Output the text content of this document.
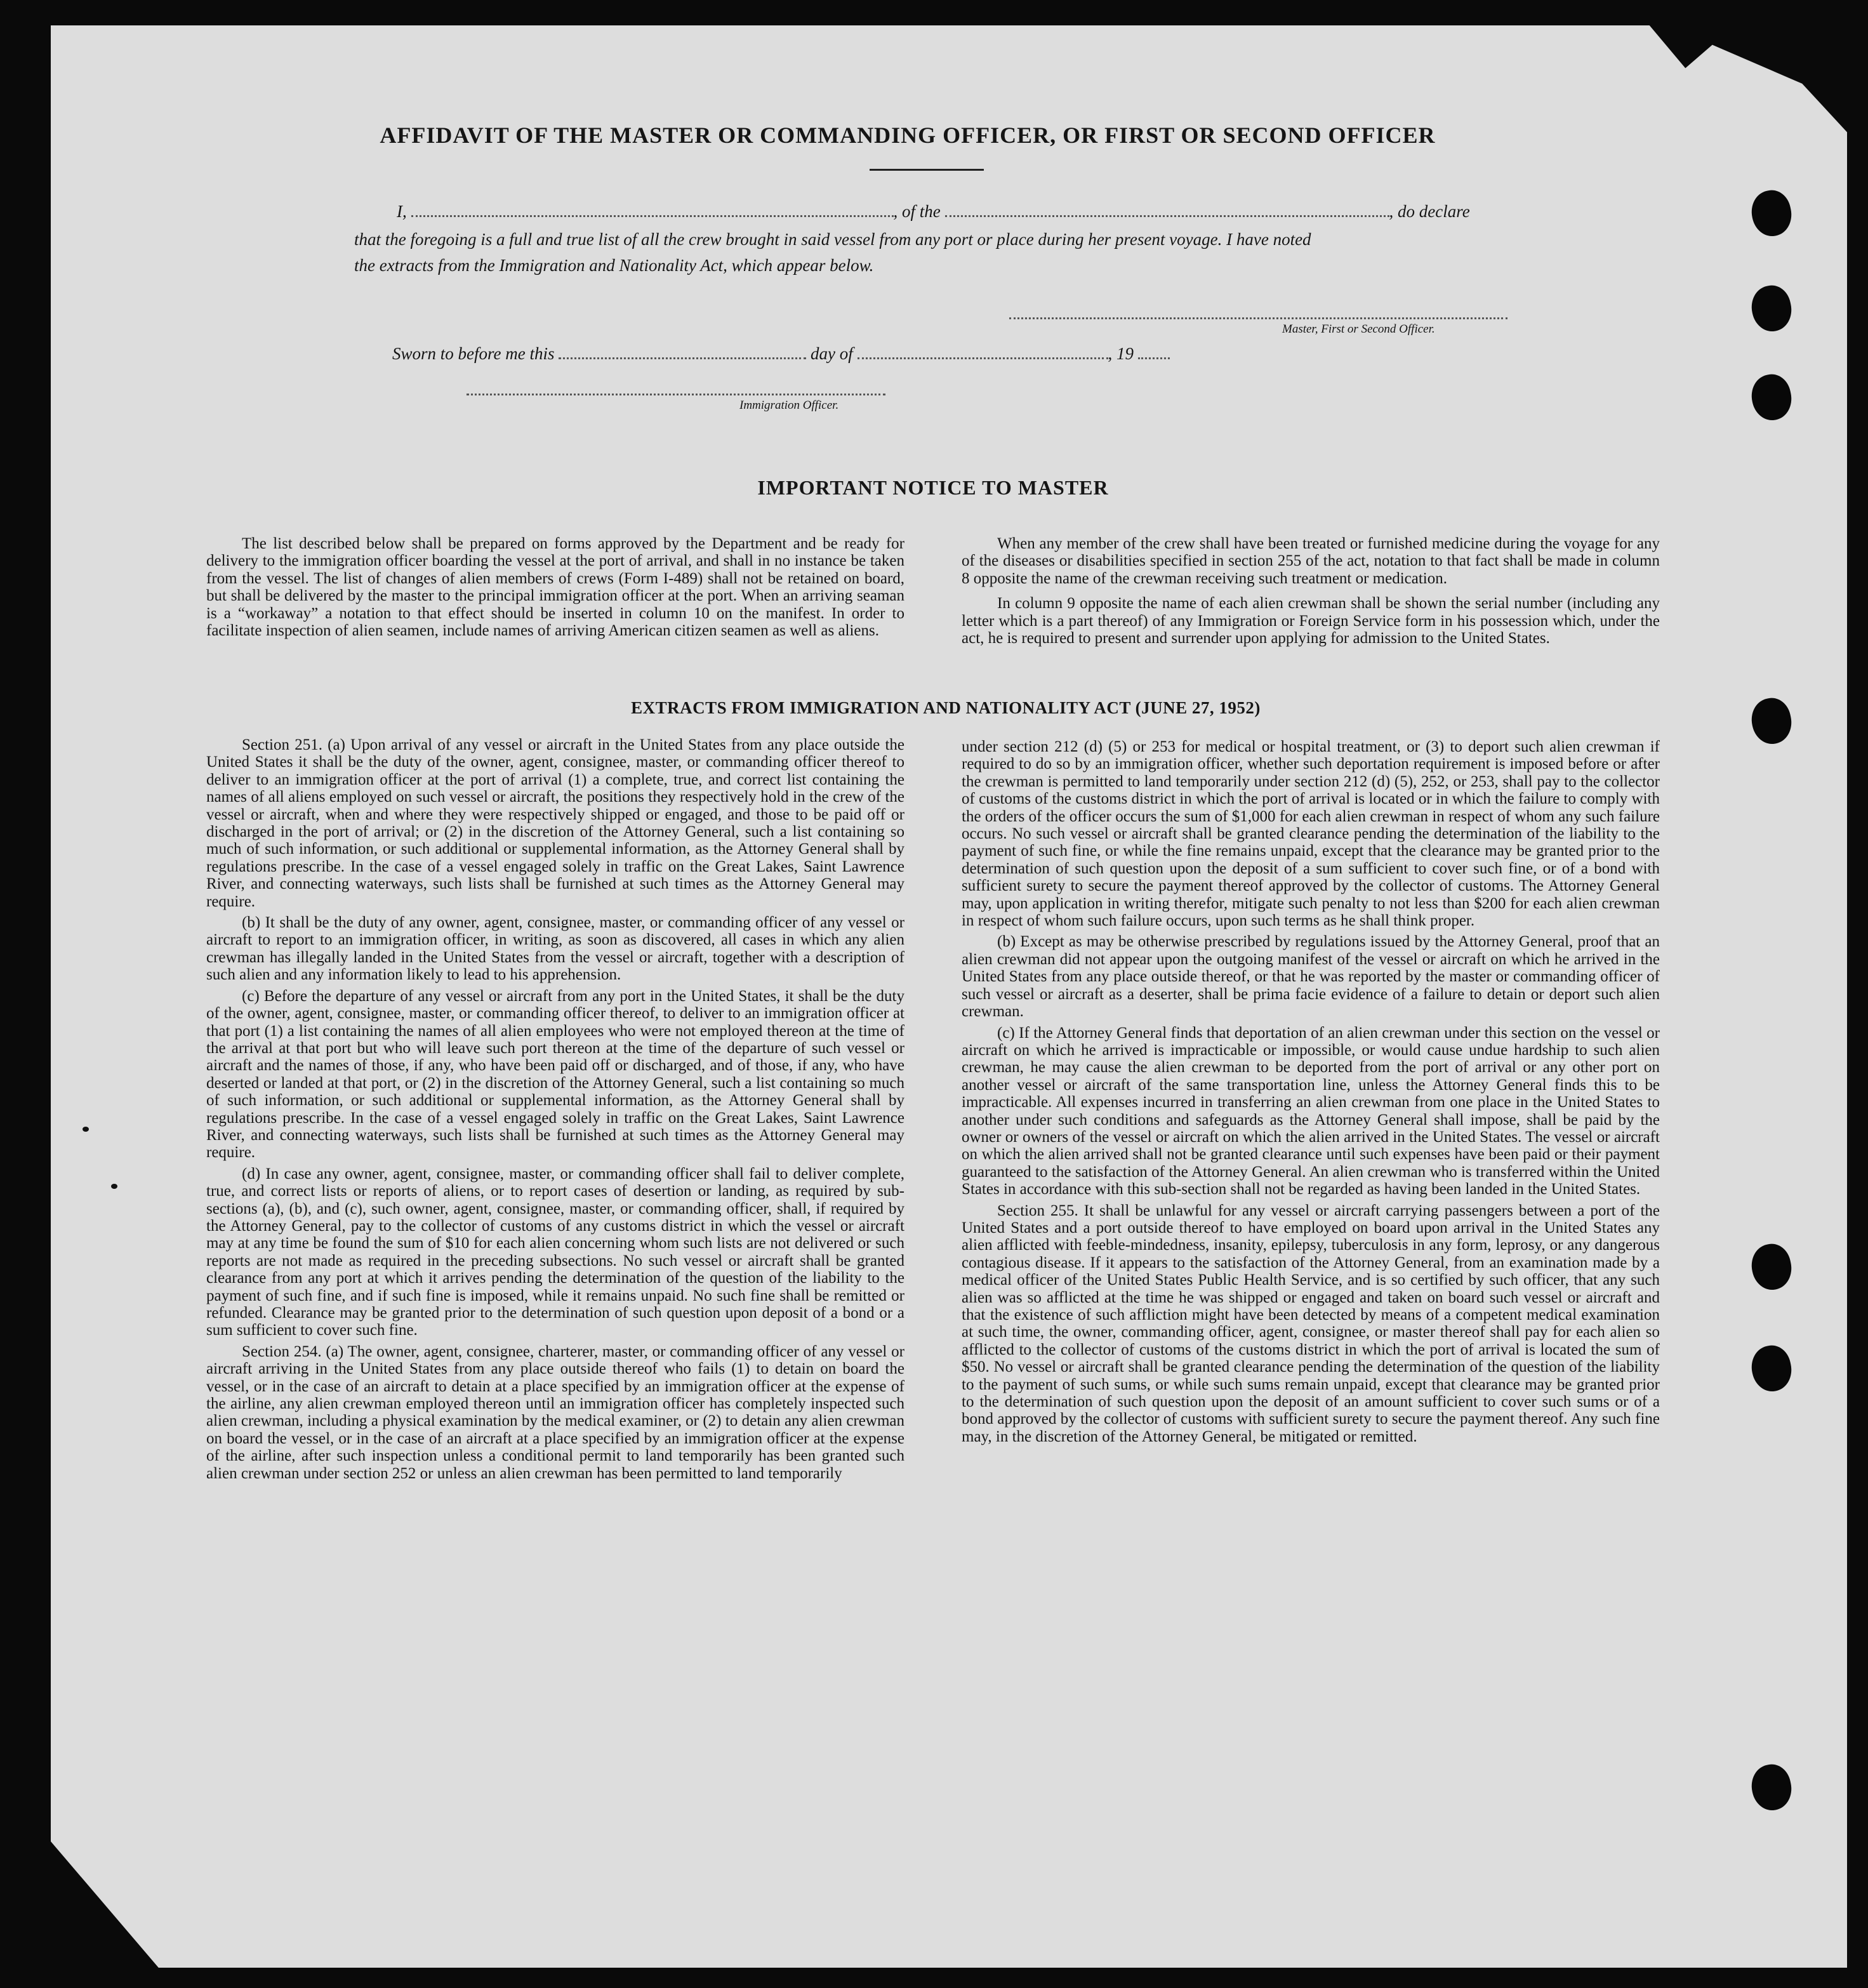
AFFIDAVIT OF THE MASTER OR COMMANDING OFFICER, OR FIRST OR SECOND OFFICER
I,	, of the	, do declare
that the foregoing is a full and true list of all the crew brought in said vessel from any port or place during her present voyage. I have noted
the extracts from the Immigration and Nationality Act, which appear below.
Master, First or Second Officer.
Sworn to before me this	day of	, 19
Immigration Officer.
IMPORTANT NOTICE TO MASTER

The list described below shall be prepared on forms approved by the Department and be ready for delivery to the immigration officer boarding the vessel at the port of arrival, and shall in no instance be taken from the vessel. The list of changes of alien members of crews (Form I-489) shall not be retained on board, but shall be delivered by the master to the principal immigration officer at the port. When an arriving seaman is a “workaway” a notation to that effect should be inserted in column 10 on the manifest. In order to facilitate inspection of alien seamen, include names of arriving American citizen seamen as well as aliens.

When any member of the crew shall have been treated or furnished medicine during the voyage for any of the diseases or disabilities specified in section 255 of the act, notation to that fact shall be made in column 8 opposite the name of the crewman receiving such treatment or medication.

In column 9 opposite the name of each alien crewman shall be shown the serial number (including any letter which is a part thereof) of any Immigration or Foreign Service form in his possession which, under the act, he is required to present and surrender upon applying for admission to the United States.

EXTRACTS FROM IMMIGRATION AND NATIONALITY ACT (JUNE 27, 1952)

Section 251. (a) Upon arrival of any vessel or aircraft in the United States from any place outside the United States it shall be the duty of the owner, agent, consignee, master, or commanding officer thereof to deliver to an immigration officer at the port of arrival (1) a complete, true, and correct list containing the names of all aliens employed on such vessel or aircraft, the positions they respectively hold in the crew of the vessel or aircraft, when and where they were respectively shipped or engaged, and those to be paid off or discharged in the port of arrival; or (2) in the discretion of the Attorney General, such a list containing so much of such information, or such additional or supplemental information, as the Attorney General shall by regulations prescribe. In the case of a vessel engaged solely in traffic on the Great Lakes, Saint Lawrence River, and connecting waterways, such lists shall be furnished at such times as the Attorney General may require.

(b) It shall be the duty of any owner, agent, consignee, master, or commanding officer of any vessel or aircraft to report to an immigration officer, in writing, as soon as discovered, all cases in which any alien crewman has illegally landed in the United States from the vessel or aircraft, together with a description of such alien and any information likely to lead to his apprehension.

(c) Before the departure of any vessel or aircraft from any port in the United States, it shall be the duty of the owner, agent, consignee, master, or commanding officer thereof, to deliver to an immigration officer at that port (1) a list containing the names of all alien employees who were not employed thereon at the time of the arrival at that port but who will leave such port thereon at the time of the departure of such vessel or aircraft and the names of those, if any, who have been paid off or discharged, and of those, if any, who have deserted or landed at that port, or (2) in the discretion of the Attorney General, such a list containing so much of such information, or such additional or supplemental information, as the Attorney General shall by regulations prescribe. In the case of a vessel engaged solely in traffic on the Great Lakes, Saint Lawrence River, and connecting waterways, such lists shall be furnished at such times as the Attorney General may require.

(d) In case any owner, agent, consignee, master, or commanding officer shall fail to deliver complete, true, and correct lists or reports of aliens, or to report cases of desertion or landing, as required by sub-sections (a), (b), and (c), such owner, agent, consignee, master, or commanding officer, shall, if required by the Attorney General, pay to the collector of customs of any customs district in which the vessel or aircraft may at any time be found the sum of $10 for each alien concerning whom such lists are not delivered or such reports are not made as required in the preceding subsections. No such vessel or aircraft shall be granted clearance from any port at which it arrives pending the determination of the question of the liability to the payment of such fine, and if such fine is imposed, while it remains unpaid. No such fine shall be remitted or refunded. Clearance may be granted prior to the determination of such question upon deposit of a bond or a sum sufficient to cover such fine.

Section 254. (a) The owner, agent, consignee, charterer, master, or commanding officer of any vessel or aircraft arriving in the United States from any place outside thereof who fails (1) to detain on board the vessel, or in the case of an aircraft to detain at a place specified by an immigration officer at the expense of the airline, any alien crewman employed thereon until an immigration officer has completely inspected such alien crewman, including a physical examination by the medical examiner, or (2) to detain any alien crewman on board the vessel, or in the case of an aircraft at a place specified by an immigration officer at the expense of the airline, after such inspection unless a conditional permit to land temporarily has been granted such alien crewman under section 252 or unless an alien crewman has been permitted to land temporarily

under section 212 (d) (5) or 253 for medical or hospital treatment, or (3) to deport such alien crewman if required to do so by an immigration officer, whether such deportation requirement is imposed before or after the crewman is permitted to land temporarily under section 212 (d) (5), 252, or 253, shall pay to the collector of customs of the customs district in which the port of arrival is located or in which the failure to comply with the orders of the officer occurs the sum of $1,000 for each alien crewman in respect of whom any such failure occurs. No such vessel or aircraft shall be granted clearance pending the determination of the liability to the payment of such fine, or while the fine remains unpaid, except that the clearance may be granted prior to the determination of such question upon the deposit of a sum sufficient to cover such fine, or of a bond with sufficient surety to secure the payment thereof approved by the collector of customs. The Attorney General may, upon application in writing therefor, mitigate such penalty to not less than $200 for each alien crewman in respect of whom such failure occurs, upon such terms as he shall think proper.

(b) Except as may be otherwise prescribed by regulations issued by the Attorney General, proof that an alien crewman did not appear upon the outgoing manifest of the vessel or aircraft on which he arrived in the United States from any place outside thereof, or that he was reported by the master or commanding officer of such vessel or aircraft as a deserter, shall be prima facie evidence of a failure to detain or deport such alien crewman.

(c) If the Attorney General finds that deportation of an alien crewman under this section on the vessel or aircraft on which he arrived is impracticable or impossible, or would cause undue hardship to such alien crewman, he may cause the alien crewman to be deported from the port of arrival or any other port on another vessel or aircraft of the same transportation line, unless the Attorney General finds this to be impracticable. All expenses incurred in transferring an alien crewman from one place in the United States to another under such conditions and safeguards as the Attorney General shall impose, shall be paid by the owner or owners of the vessel or aircraft on which the alien arrived in the United States. The vessel or aircraft on which the alien arrived shall not be granted clearance until such expenses have been paid or their payment guaranteed to the satisfaction of the Attorney General. An alien crewman who is transferred within the United States in accordance with this sub-section shall not be regarded as having been landed in the United States.

Section 255. It shall be unlawful for any vessel or aircraft carrying passengers between a port of the United States and a port outside thereof to have employed on board upon arrival in the United States any alien afflicted with feeble-mindedness, insanity, epilepsy, tuberculosis in any form, leprosy, or any dangerous contagious disease. If it appears to the satisfaction of the Attorney General, from an examination made by a medical officer of the United States Public Health Service, and is so certified by such officer, that any such alien was so afflicted at the time he was shipped or engaged and taken on board such vessel or aircraft and that the existence of such affliction might have been detected by means of a competent medical examination at such time, the owner, commanding officer, agent, consignee, or master thereof shall pay for each alien so afflicted to the collector of customs of the customs district in which the port of arrival is located the sum of $50. No vessel or aircraft shall be granted clearance pending the determination of the question of the liability to the payment of such sums, or while such sums remain unpaid, except that clearance may be granted prior to the determination of such question upon the deposit of an amount sufficient to cover such sums or of a bond approved by the collector of customs with sufficient surety to secure the payment thereof. Any such fine may, in the discretion of the Attorney General, be mitigated or remitted.
